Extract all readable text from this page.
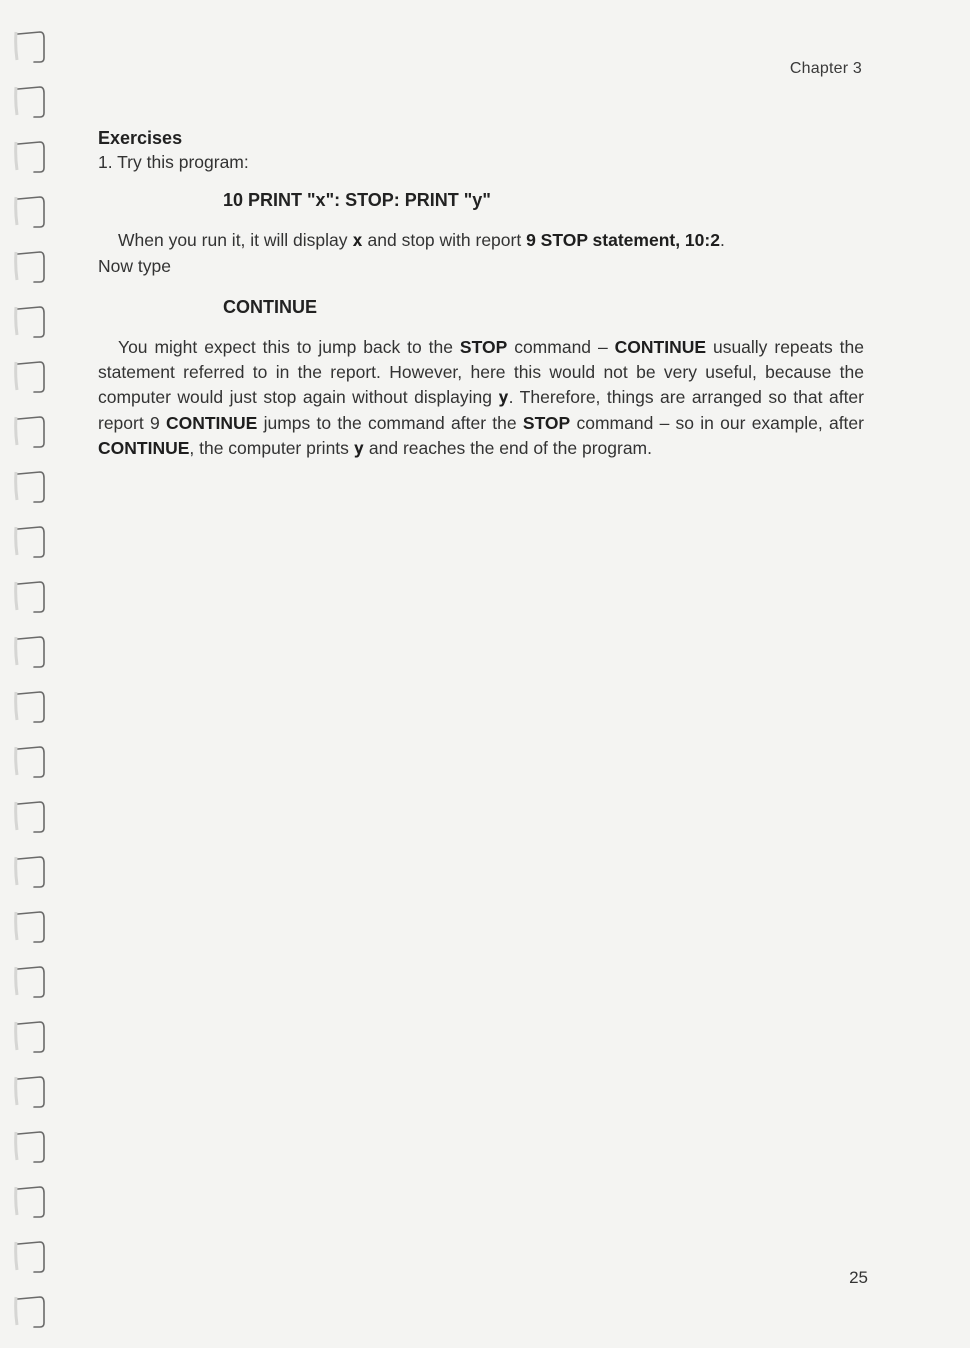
Chapter 3
Exercises
1. Try this program:
10 PRINT "x": STOP: PRINT "y"
When you run it, it will display x and stop with report 9 STOP statement, 10:2.
Now type
CONTINUE
You might expect this to jump back to the STOP command – CONTINUE usually repeats the statement referred to in the report. However, here this would not be very useful, because the computer would just stop again without displaying y. Therefore, things are arranged so that after report 9 CONTINUE jumps to the command after the STOP command – so in our example, after CONTINUE, the computer prints y and reaches the end of the program.
25
